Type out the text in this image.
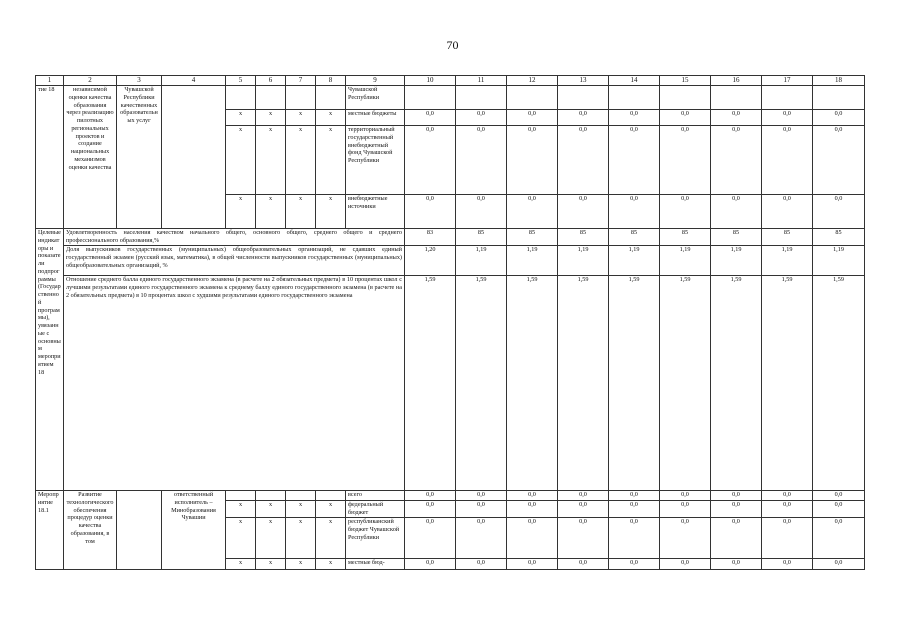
70
1	2	3	4	5	6	7	8	9	10	11	12	13	14	15	16	17	18
тие 18	независимой оценки качества образования через реализацию пилотных региональных проектов и создание национальных механизмов оценки качества	Чувашской Республики качественных образовательных услуг						Чувашской Республики									
				х	х	х	х	местные бюджеты	0,0	0,0	0,0	0,0	0,0	0,0	0,0	0,0	0,0
				х	х	х	х	территориальный государственный внебюджетный фонд Чувашской Республики	0,0	0,0	0,0	0,0	0,0	0,0	0,0	0,0	0,0
				х	х	х	х	внебюджетные источники	0,0	0,0	0,0	0,0	0,0	0,0	0,0	0,0	0,0
Целевые индикаторы и показатели подпрограммы (Государственной программы), увязанные с основным мероприятием 18	Удовлетворенность населения качеством начального общего, основного общего, среднего общего и среднего профессионального образования,%								83	85	85	85	85	85	85	85	85
	Доля выпускников государственных (муниципальных) общеобразовательных организаций, не сдавших единый государственный экзамен (русский язык, математика), в общей численности выпускников государственных (муниципальных) общеобразовательных организаций, %								1,20	1,19	1,19	1,19	1,19	1,19	1,19	1,19	1,19
	Отношение среднего балла единого государственного экзамена (в расчете на 2 обязательных предмета) в 10 процентах школ с лучшими результатами единого государственного экзамена к среднему баллу единого государственного экзамена (в расчете на 2 обязательных предмета) в 10 процентах школ с худшими результатами единого государственного экзамена								1,59	1,59	1,59	1,59	1,59	1,59	1,59	1,59	1,59
Мероприятие 18.1	Развитие технологического обеспечения процедур оценки качества образования, в том		ответственный исполнитель – Минобразования Чувашии					всего	0,0	0,0	0,0	0,0	0,0	0,0	0,0	0,0	0,0
				х	х	х	х	федеральный бюджет	0,0	0,0	0,0	0,0	0,0	0,0	0,0	0,0	0,0
				х	х	х	х	республиканский бюджет Чувашской Республики	0,0	0,0	0,0	0,0	0,0	0,0	0,0	0,0	0,0
				х	х	х	х	местные бюд-	0,0	0,0	0,0	0,0	0,0	0,0	0,0	0,0	0,0
